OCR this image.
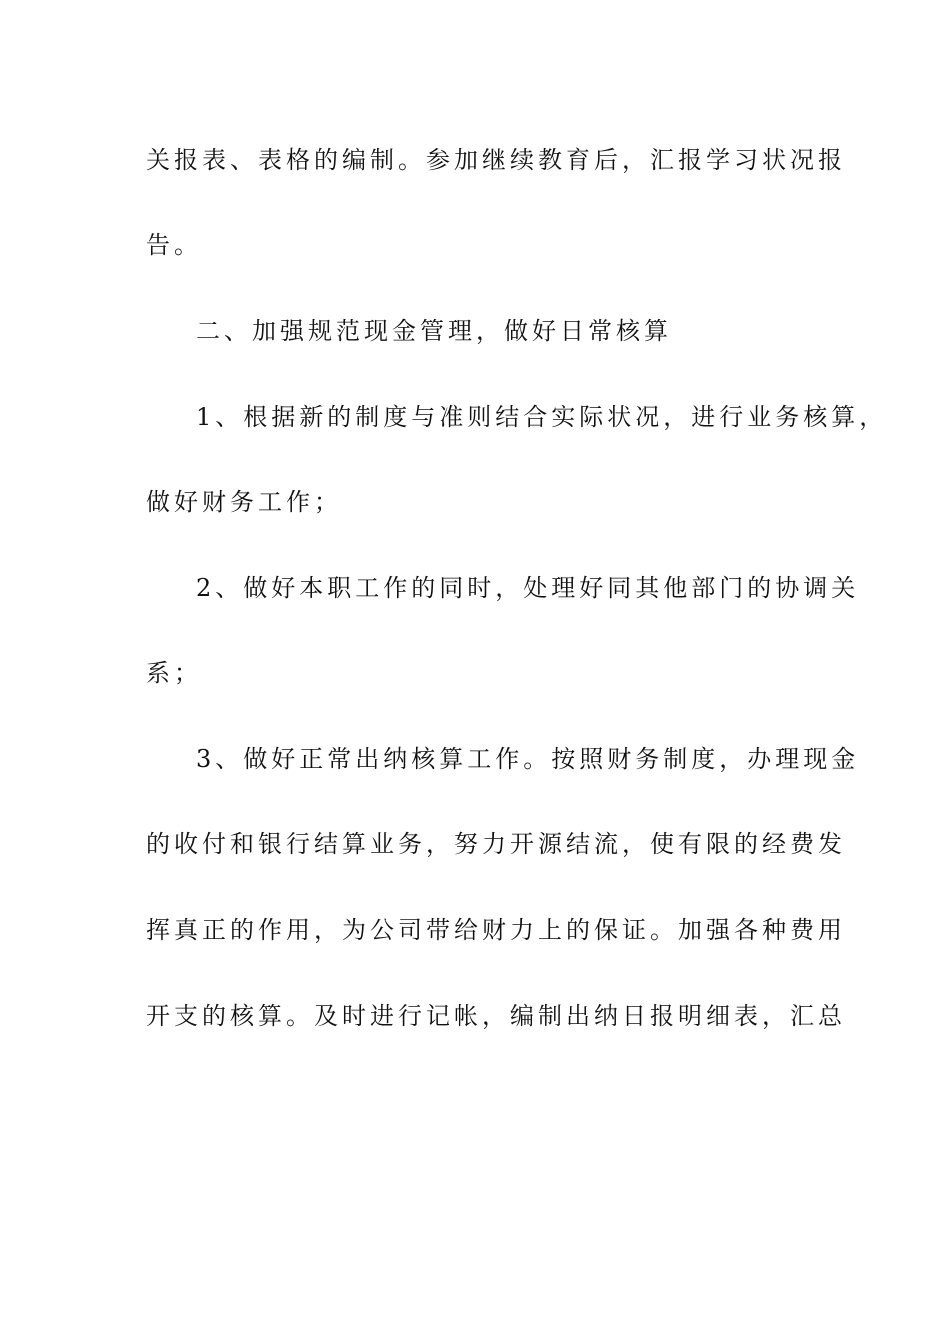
关报表、表格的编制。参加继续教育后，汇报学习状况报
告。
二、加强规范现金管理，做好日常核算
1、根据新的制度与准则结合实际状况，进行业务核算，
做好财务工作；
2、做好本职工作的同时，处理好同其他部门的协调关
系；
3、做好正常出纳核算工作。按照财务制度，办理现金
的收付和银行结算业务，努力开源结流，使有限的经费发
挥真正的作用，为公司带给财力上的保证。加强各种费用
开支的核算。及时进行记帐，编制出纳日报明细表，汇总
